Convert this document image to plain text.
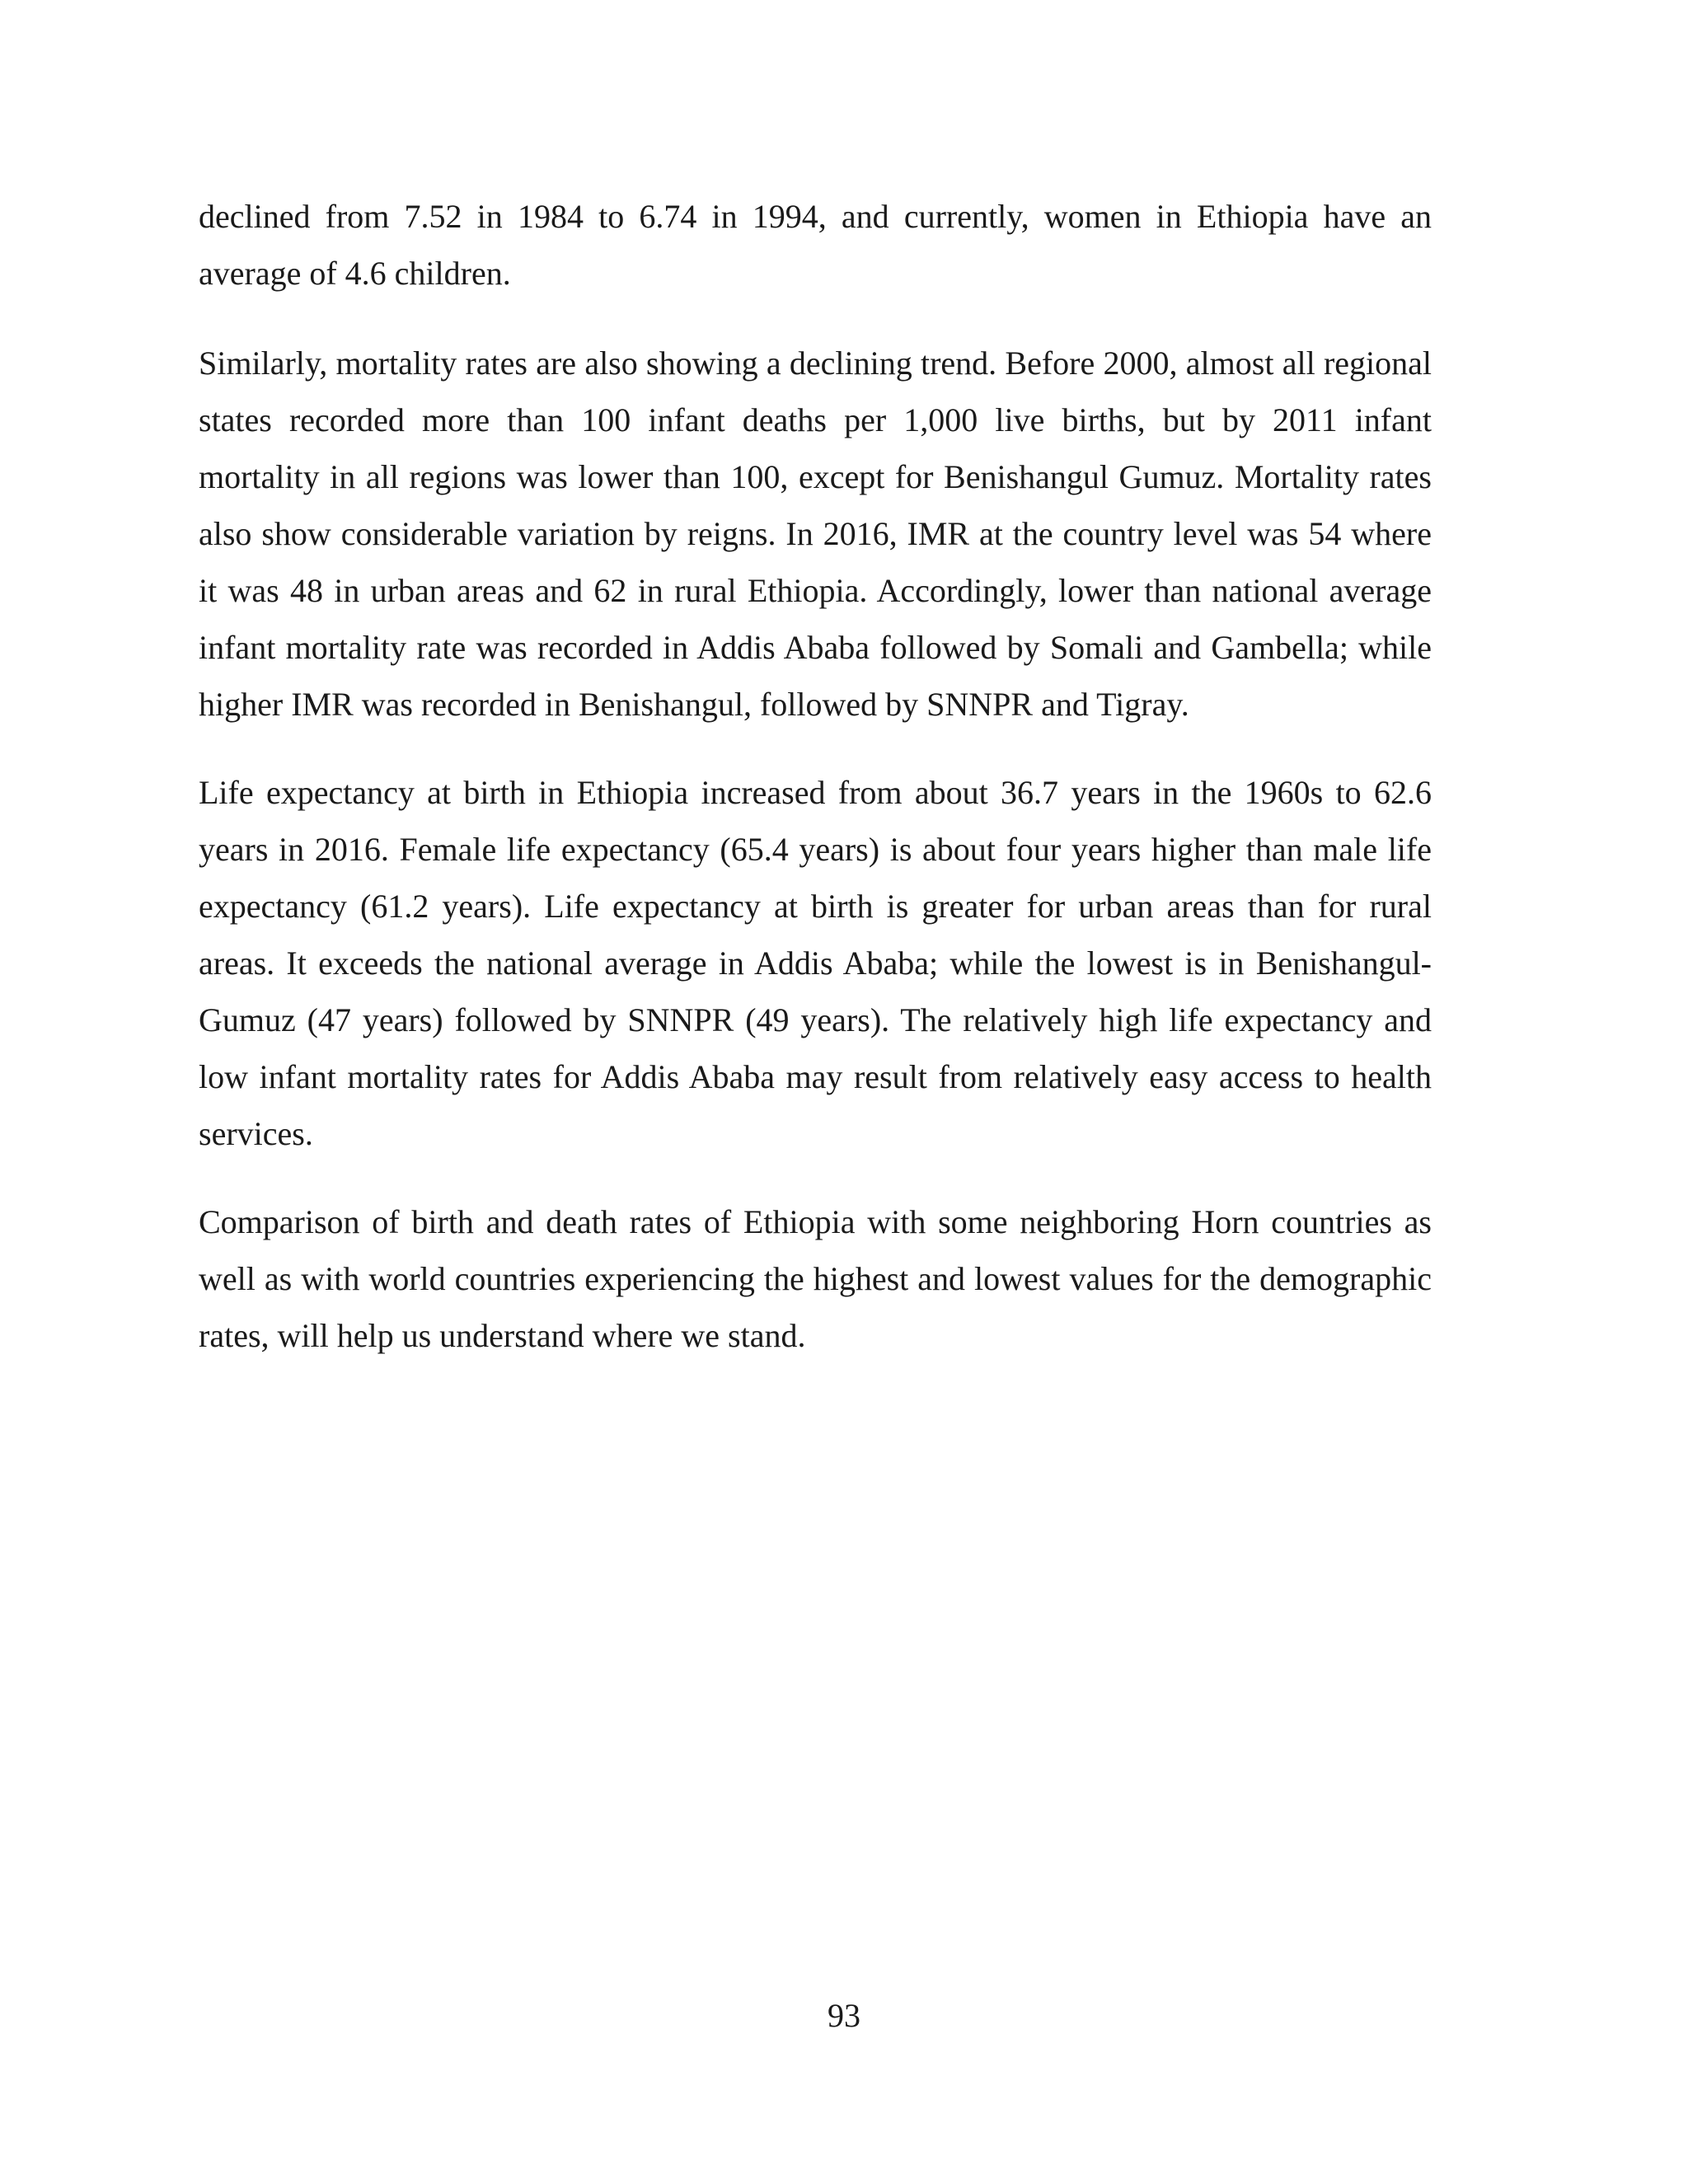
declined from 7.52 in 1984 to 6.74 in 1994, and currently, women in Ethiopia have an average of 4.6 children.

Similarly, mortality rates are also showing a declining trend. Before 2000, almost all regional states recorded more than 100 infant deaths per 1,000 live births, but by 2011 infant mortality in all regions was lower than 100, except for Benishangul Gumuz. Mortality rates also show considerable variation by reigns. In 2016, IMR at the country level was 54 where it was 48 in urban areas and 62 in rural Ethiopia. Accordingly, lower than national average infant mortality rate was recorded in Addis Ababa followed by Somali and Gambella; while higher IMR was recorded in Benishangul, followed by SNNPR and Tigray.

Life expectancy at birth in Ethiopia increased from about 36.7 years in the 1960s to 62.6 years in 2016. Female life expectancy (65.4 years) is about four years higher than male life expectancy (61.2 years). Life expectancy at birth is greater for urban areas than for rural areas. It exceeds the national average in Addis Ababa; while the lowest is in Benishangul-Gumuz (47 years) followed by SNNPR (49 years). The relatively high life expectancy and low infant mortality rates for Addis Ababa may result from relatively easy access to health services.

Comparison of birth and death rates of Ethiopia with some neighboring Horn countries as well as with world countries experiencing the highest and lowest values for the demographic rates, will help us understand where we stand.

93
